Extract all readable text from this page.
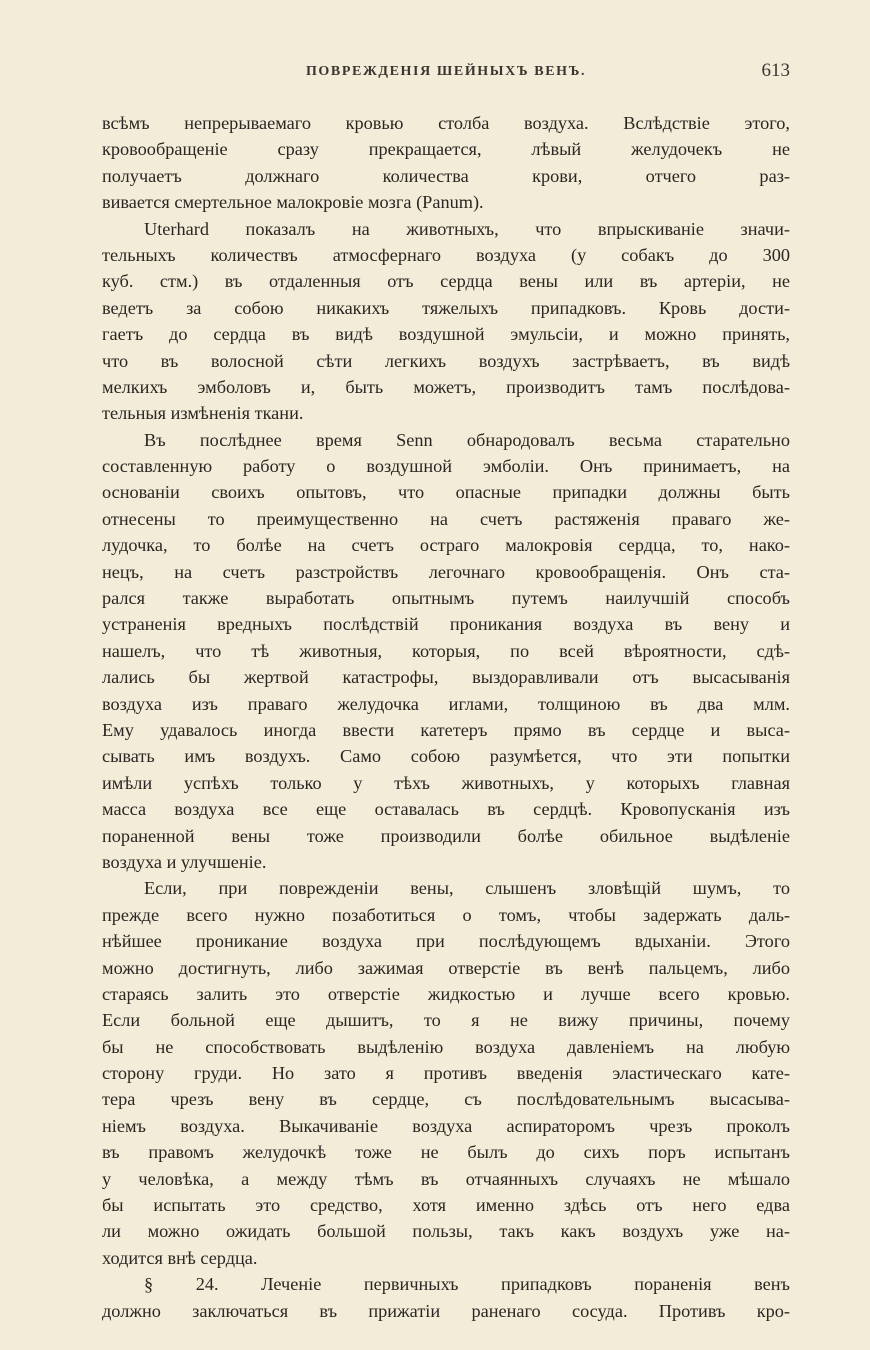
ПОВРЕЖДЕНІЯ ШЕЙНЫХЪ ВЕНЪ.	613
всѣмъ непрерываемаго кровью столба воздуха. Вслѣдствіе этого,
кровообращеніе сразу прекращается, лѣвый желудочекъ не
получаетъ должнаго количества крови, отчего раз-
вивается смертельное малокровіе мозга (Panum).
Uterhard показалъ на животныхъ, что впрыскиваніе значи-
тельныхъ количествъ атмосфернаго воздуха (у собакъ до 300
куб. стм.) въ отдаленныя отъ сердца вены или въ артеріи, не
ведетъ за собою никакихъ тяжелыхъ припадковъ. Кровь дости-
гаетъ до сердца въ видѣ воздушной эмульсіи, и можно принять,
что въ волосной сѣти легкихъ воздухъ застрѣваетъ, въ видѣ
мелкихъ эмболовъ и, быть можетъ, производитъ тамъ послѣдова-
тельныя измѣненія ткани.
Въ послѣднее время Senn обнародовалъ весьма старательно
составленную работу о воздушной эмболіи. Онъ принимаетъ, на
основаніи своихъ опытовъ, что опасные припадки должны быть
отнесены то преимущественно на счетъ растяженія праваго же-
лудочка, то болѣе на счетъ остраго малокровія сердца, то, нако-
нецъ, на счетъ разстройствъ легочнаго кровообращенія. Онъ ста-
рался также выработать опытнымъ путемъ наилучшій способъ
устраненія вредныхъ послѣдствій проникания воздуха въ вену и
нашелъ, что тѣ животныя, которыя, по всей вѣроятности, сдѣ-
лались бы жертвой катастрофы, выздоравливали отъ высасыванія
воздуха изъ праваго желудочка иглами, толщиною въ два млм.
Ему удавалось иногда ввести катетеръ прямо въ сердце и выса-
сывать имъ воздухъ. Само собою разумѣется, что эти попытки
имѣли успѣхъ только у тѣхъ животныхъ, у которыхъ главная
масса воздуха все еще оставалась въ сердцѣ. Кровопусканія изъ
пораненной вены тоже производили болѣе обильное выдѣленіе
воздуха и улучшеніе.
Если, при поврежденіи вены, слышенъ зловѣщій шумъ, то
прежде всего нужно позаботиться о томъ, чтобы задержать даль-
нѣйшее проникание воздуха при послѣдующемъ вдыханіи. Этого
можно достигнуть, либо зажимая отверстіе въ венѣ пальцемъ, либо
стараясь залить это отверстіе жидкостью и лучше всего кровью.
Если больной еще дышитъ, то я не вижу причины, почему
бы не способствовать выдѣленію воздуха давленіемъ на любую
сторону груди. Но зато я противъ введенія эластическаго кате-
тера чрезъ вену въ сердце, съ послѣдовательнымъ высасыва-
ніемъ воздуха. Выкачиваніе воздуха аспираторомъ чрезъ проколъ
въ правомъ желудочкѣ тоже не былъ до сихъ поръ испытанъ
у человѣка, а между тѣмъ въ отчаянныхъ случаяхъ не мѣшало
бы испытать это средство, хотя именно здѣсь отъ него едва
ли можно ожидать большой пользы, такъ какъ воздухъ уже на-
ходится внѣ сердца.
§ 24. Леченіе первичныхъ припадковъ пораненія венъ
должно заключаться въ прижатіи раненаго сосуда. Противъ кро-
